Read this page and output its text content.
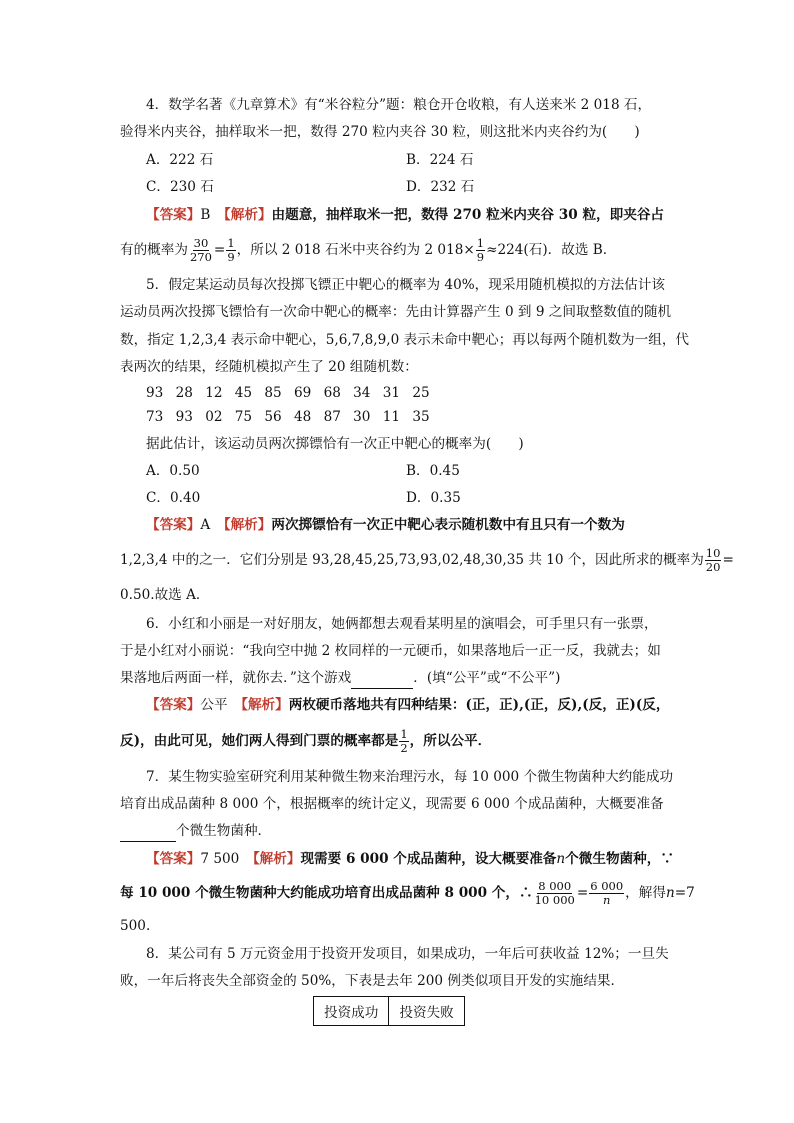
4．数学名著《九章算术》有“米谷粒分”题：粮仓开仓收粮，有人送来米 2 018 石，
验得米内夹谷，抽样取米一把，数得 270 粒内夹谷 30 粒，则这批米内夹谷约为(　　)
A．222 石	B．224 石
C．230 石	D．232 石
【答案】B　 【解析】由题意，抽样取米一把，数得 270 粒米内夹谷 30 粒，即夹谷占
有的概率为 $\frac{30}{270} = \frac{1}{9}$ ，所以 2 018 石米中夹谷约为 2 $018\times \frac{1}{9} \approx 224$(石)．故选 B．
5．假定某运动员每次投掷飞镖正中靶心的概率为 40%，现采用随机模拟的方法估计该
运动员两次投掷飞镖恰有一次命中靶心的概率：先由计算器产生 0 到 9 之间取整数值的随机
数，指定 1,2,3,4 表示命中靶心，5,6,7,8,9,0 表示未命中靶心；再以每两个随机数为一组，代
表两次的结果，经随机模拟产生了 20 组随机数：
93 28 12 45 85 69 68 34 31 25
73 93 02 75 56 48 87 30 11 35
据此估计，该运动员两次掷镖恰有一次正中靶心的概率为(　　)
A．0.50	B．0.45
C．0.40	D．0.35
【答案】A　 【解析】两次掷镖恰有一次正中靶心表示随机数中有且只有一个数为
1,2,3,4 中的之一．它们分别是 93,28,45,25,73,93,02,48,30,35 共 10 个，因此所求的概率为 $\frac{10}{20}$ =
0.50.故选 A．
6．小红和小丽是一对好朋友，她俩都想去观看某明星的演唱会，可手里只有一张票，
于是小红对小丽说：“我向空中抛 2 枚同样的一元硬币，如果落地后一正一反，我就去；如
果落地后两面一样，就你去．”这个游戏	．(填“公平”或“不公平”)
【答案】公平　 【解析】两枚硬币落地共有四种结果：(正，正),(正，反),(反，正)(反，
反)，由此可见，她们两人得到门票的概率都是 $\frac{1}{2}$ ，所以公平．
7．某生物实验室研究利用某种微生物来治理污水，每 10 000 个微生物菌种大约能成功
培育出成品菌种 8 000 个，根据概率的统计定义，现需要 6 000 个成品菌种，大概要准备
个微生物菌种．
【答案】7 500　 【解析】现需要 6 000 个成品菌种，设大概要准备n个微生物菌种，∵
每 10 000 个微生物菌种大约能成功培育出成品菌种 8 000 个，∴ $\frac{8 000}{10 000} = \frac{6 000}{n}$ ，解得n=7
500.
8．某公司有 5 万元资金用于投资开发项目，如果成功，一年后可获收益 12%；一旦失
败，一年后将丧失全部资金的 50%，下表是去年 200 例类似项目开发的实施结果．
投资成功	投资失败
